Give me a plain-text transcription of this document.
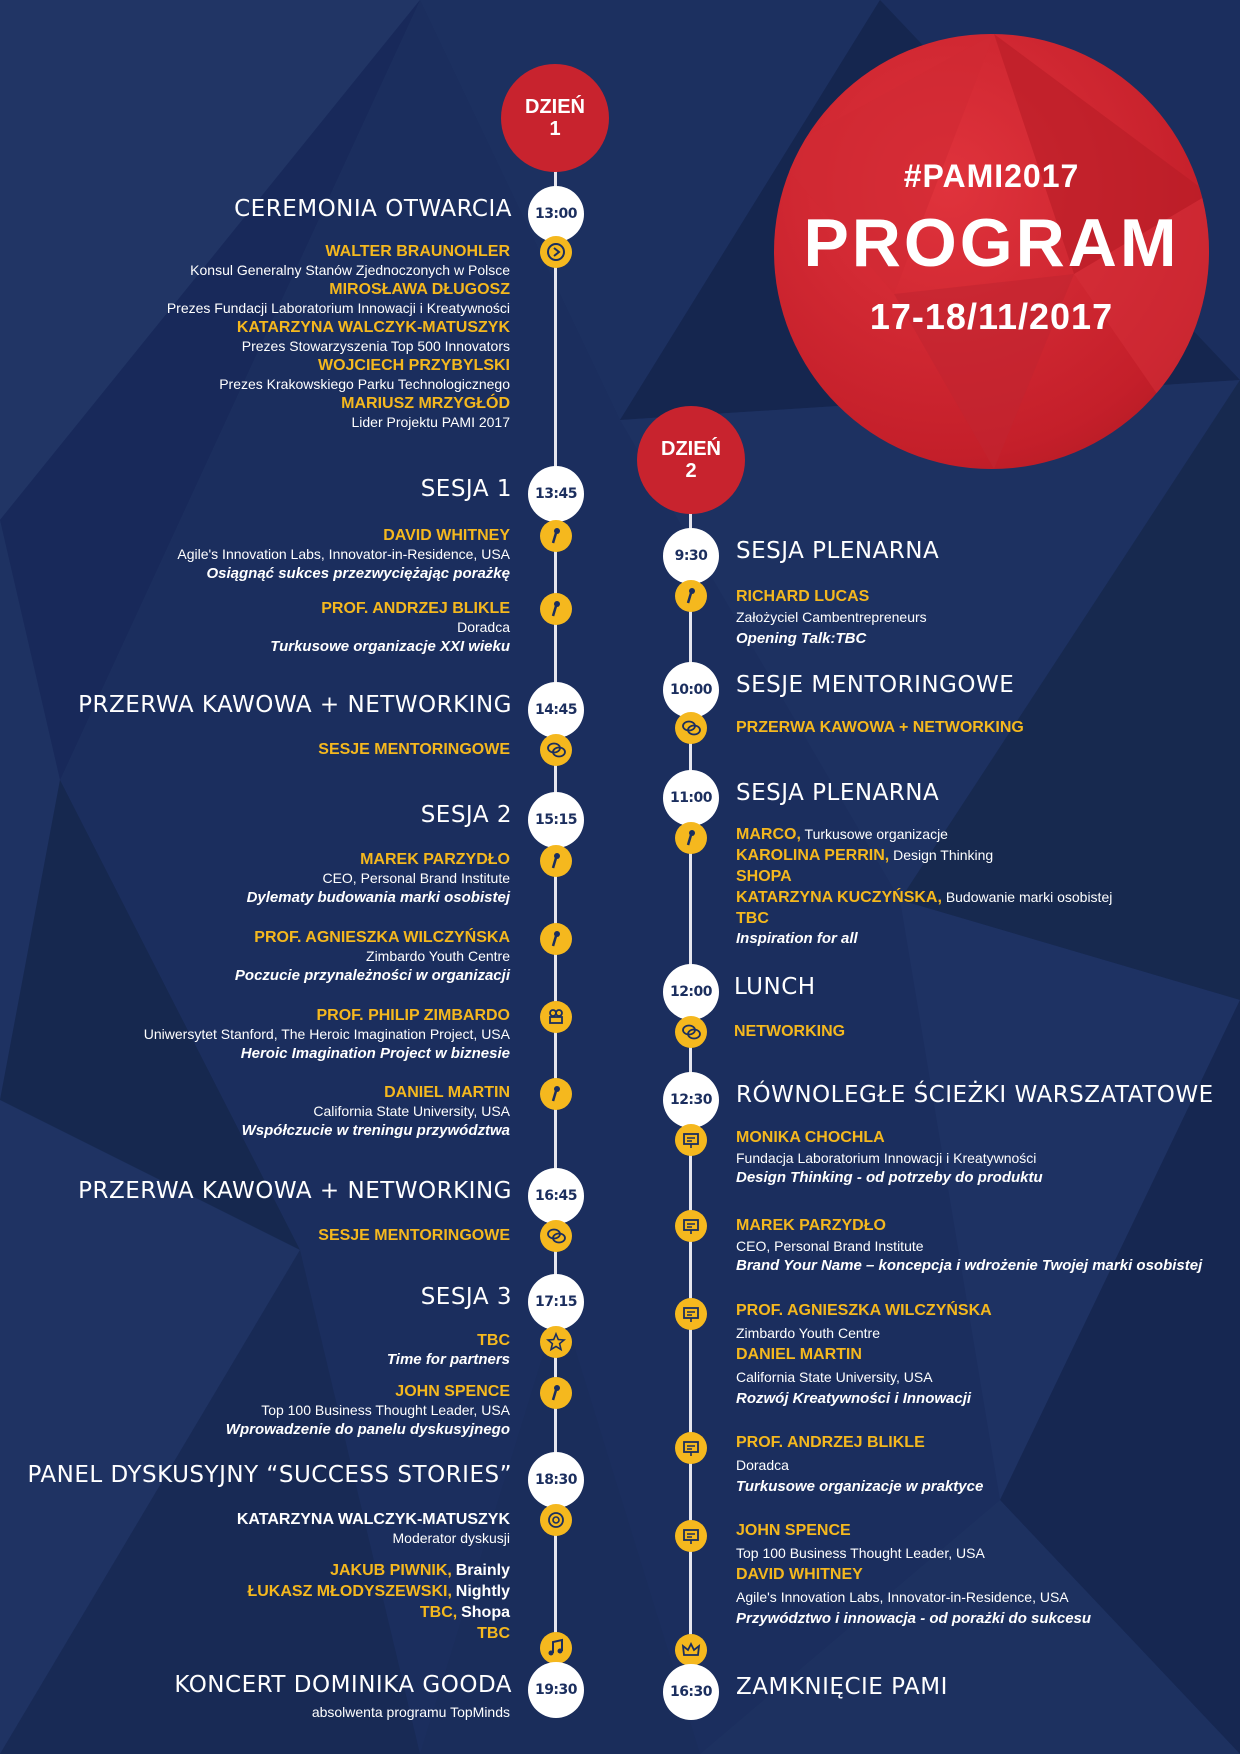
#PAMI2017
PROGRAM
17-18/11/2017
DZIEŃ
1
DZIEŃ
2
13:00
CEREMONIA OTWARCIA
WALTER BRAUNOHLER
Konsul Generalny Stanów Zjednoczonych w Polsce
MIROSŁAWA DŁUGOSZ
Prezes Fundacji Laboratorium Innowacji i Kreatywności
KATARZYNA WALCZYK-MATUSZYK
Prezes Stowarzyszenia Top 500 Innovators
WOJCIECH PRZYBYLSKI
Prezes Krakowskiego Parku Technologicznego
MARIUSZ MRZYGŁÓD
Lider Projektu PAMI 2017
13:45
SESJA 1
DAVID WHITNEY
Agile's Innovation Labs, Innovator-in-Residence, USA
Osiągnąć sukces przezwyciężając porażkę
PROF. ANDRZEJ BLIKLE
Doradca
Turkusowe organizacje XXI wieku
14:45
PRZERWA KAWOWA + NETWORKING
SESJE MENTORINGOWE
15:15
SESJA 2
MAREK PARZYDŁO
CEO, Personal Brand Institute
Dylematy budowania marki osobistej
PROF. AGNIESZKA WILCZYŃSKA
Zimbardo Youth Centre
Poczucie przynależności w organizacji
PROF. PHILIP ZIMBARDO
Uniwersytet Stanford, The Heroic Imagination Project, USA
Heroic Imagination Project w biznesie
DANIEL MARTIN
California State University, USA
Współczucie w treningu przywództwa
16:45
PRZERWA KAWOWA + NETWORKING
SESJE MENTORINGOWE
17:15
SESJA 3
TBC
Time for partners
JOHN SPENCE
Top 100 Business Thought Leader, USA
Wprowadzenie do panelu dyskusyjnego
18:30
PANEL DYSKUSYJNY “SUCCESS STORIES”
KATARZYNA WALCZYK-MATUSZYK
Moderator dyskusji
JAKUB PIWNIK, Brainly
ŁUKASZ MŁODYSZEWSKI, Nightly
TBC, Shopa
TBC
19:30
KONCERT DOMINIKA GOODA
absolwenta programu TopMinds
9:30	SESJA PLENARNA
RICHARD LUCAS
Założyciel Cambentrepreneurs
Opening Talk:TBC
10:00	SESJE MENTORINGOWE
PRZERWA KAWOWA + NETWORKING
11:00	SESJA PLENARNA
MARCO, Turkusowe organizacje
KAROLINA PERRIN, Design Thinking
SHOPA
KATARZYNA KUCZYŃSKA, Budowanie marki osobistej
TBC
Inspiration for all
12:00 LUNCH
NETWORKING
12:30	RÓWNOLEGŁE ŚCIEŻKI WARSZATATOWE
MONIKA CHOCHLA
Fundacja Laboratorium Innowacji i Kreatywności
Design Thinking - od potrzeby do produktu
MAREK PARZYDŁO
CEO, Personal Brand Institute
Brand Your Name – koncepcja i wdrożenie Twojej marki osobistej
PROF. AGNIESZKA WILCZYŃSKA
Zimbardo Youth Centre
DANIEL MARTIN
California State University, USA
Rozwój Kreatywności i Innowacji
PROF. ANDRZEJ BLIKLE
Doradca
Turkusowe organizacje w praktyce
JOHN SPENCE
Top 100 Business Thought Leader, USA
DAVID WHITNEY
Agile's Innovation Labs, Innovator-in-Residence, USA
Przywództwo i innowacja - od porażki do sukcesu
16:30	ZAMKNIĘCIE PAMI
